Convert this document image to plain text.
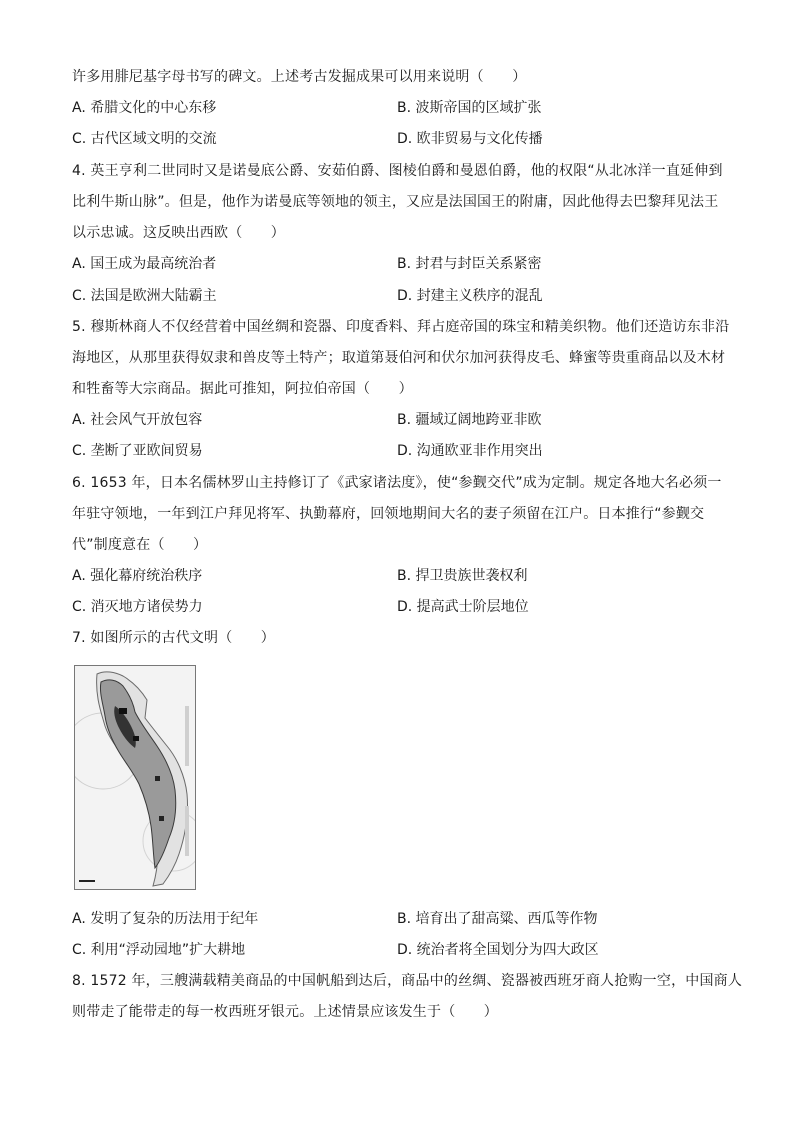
许多用腓尼基字母书写的碑文。上述考古发掘成果可以用来说明（　　）
A. 希腊文化的中心东移	B. 波斯帝国的区域扩张
C. 古代区域文明的交流	D. 欧非贸易与文化传播
4. 英王亨利二世同时又是诺曼底公爵、安茹伯爵、图棱伯爵和曼恩伯爵，他的权限“从北冰洋一直延伸到
比利牛斯山脉”。但是，他作为诺曼底等领地的领主，又应是法国国王的附庸，因此他得去巴黎拜见法王
以示忠诚。这反映出西欧（　　）
A. 国王成为最高统治者	B. 封君与封臣关系紧密
C. 法国是欧洲大陆霸主	D. 封建主义秩序的混乱
5. 穆斯林商人不仅经营着中国丝绸和瓷器、印度香料、拜占庭帝国的珠宝和精美织物。他们还造访东非沿
海地区，从那里获得奴隶和兽皮等土特产；取道第聂伯河和伏尔加河获得皮毛、蜂蜜等贵重商品以及木材
和牲畜等大宗商品。据此可推知，阿拉伯帝国（　　）
A. 社会风气开放包容	B. 疆域辽阔地跨亚非欧
C. 垄断了亚欧间贸易	D. 沟通欧亚非作用突出
6. 1653 年，日本名儒林罗山主持修订了《武家诸法度》，使“参觐交代”成为定制。规定各地大名必须一
年驻守领地，一年到江户拜见将军、执勤幕府，回领地期间大名的妻子须留在江户。日本推行“参觐交
代”制度意在（　　）
A. 强化幕府统治秩序	B. 捍卫贵族世袭权利
C. 消灭地方诸侯势力	D. 提高武士阶层地位
7. 如图所示的古代文明（　　）
A. 发明了复杂的历法用于纪年	B. 培育出了甜高粱、西瓜等作物
C. 利用“浮动园地”扩大耕地	D. 统治者将全国划分为四大政区
8. 1572 年，三艘满载精美商品的中国帆船到达后，商品中的丝绸、瓷器被西班牙商人抢购一空，中国商人
则带走了能带走的每一枚西班牙银元。上述情景应该发生于（　　）
